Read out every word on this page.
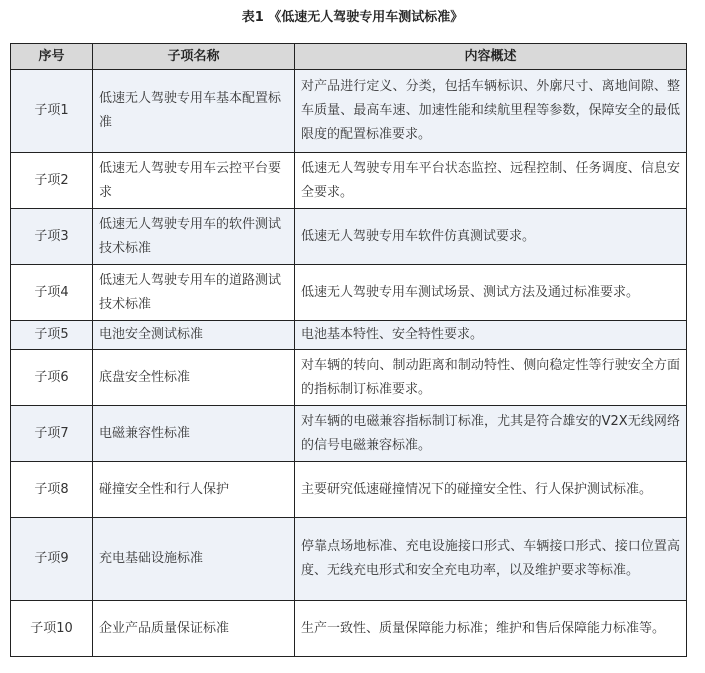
表1 《低速无人驾驶专用车测试标准》
序号	子项名称	内容概述
子项1	低速无人驾驶专用车基本配置标准	对产品进行定义、分类，包括车辆标识、外廓尺寸、离地间隙、整车质量、最高车速、加速性能和续航里程等参数，保障安全的最低限度的配置标准要求。
子项2	低速无人驾驶专用车云控平台要求	低速无人驾驶专用车平台状态监控、远程控制、任务调度、信息安全要求。
子项3	低速无人驾驶专用车的软件测试技术标准	低速无人驾驶专用车软件仿真测试要求。
子项4	低速无人驾驶专用车的道路测试技术标准	低速无人驾驶专用车测试场景、测试方法及通过标准要求。
子项5	电池安全测试标准	电池基本特性、安全特性要求。
子项6	底盘安全性标准	对车辆的转向、制动距离和制动特性、侧向稳定性等行驶安全方面的指标制订标准要求。
子项7	电磁兼容性标准	对车辆的电磁兼容指标制订标准，尤其是符合雄安的V2X无线网络的信号电磁兼容标准。
子项8	碰撞安全性和行人保护	主要研究低速碰撞情况下的碰撞安全性、行人保护测试标准。
子项9	充电基础设施标准	停靠点场地标准、充电设施接口形式、车辆接口形式、接口位置高度、无线充电形式和安全充电功率，以及维护要求等标准。
子项10	企业产品质量保证标准	生产一致性、质量保障能力标准；维护和售后保障能力标准等。
